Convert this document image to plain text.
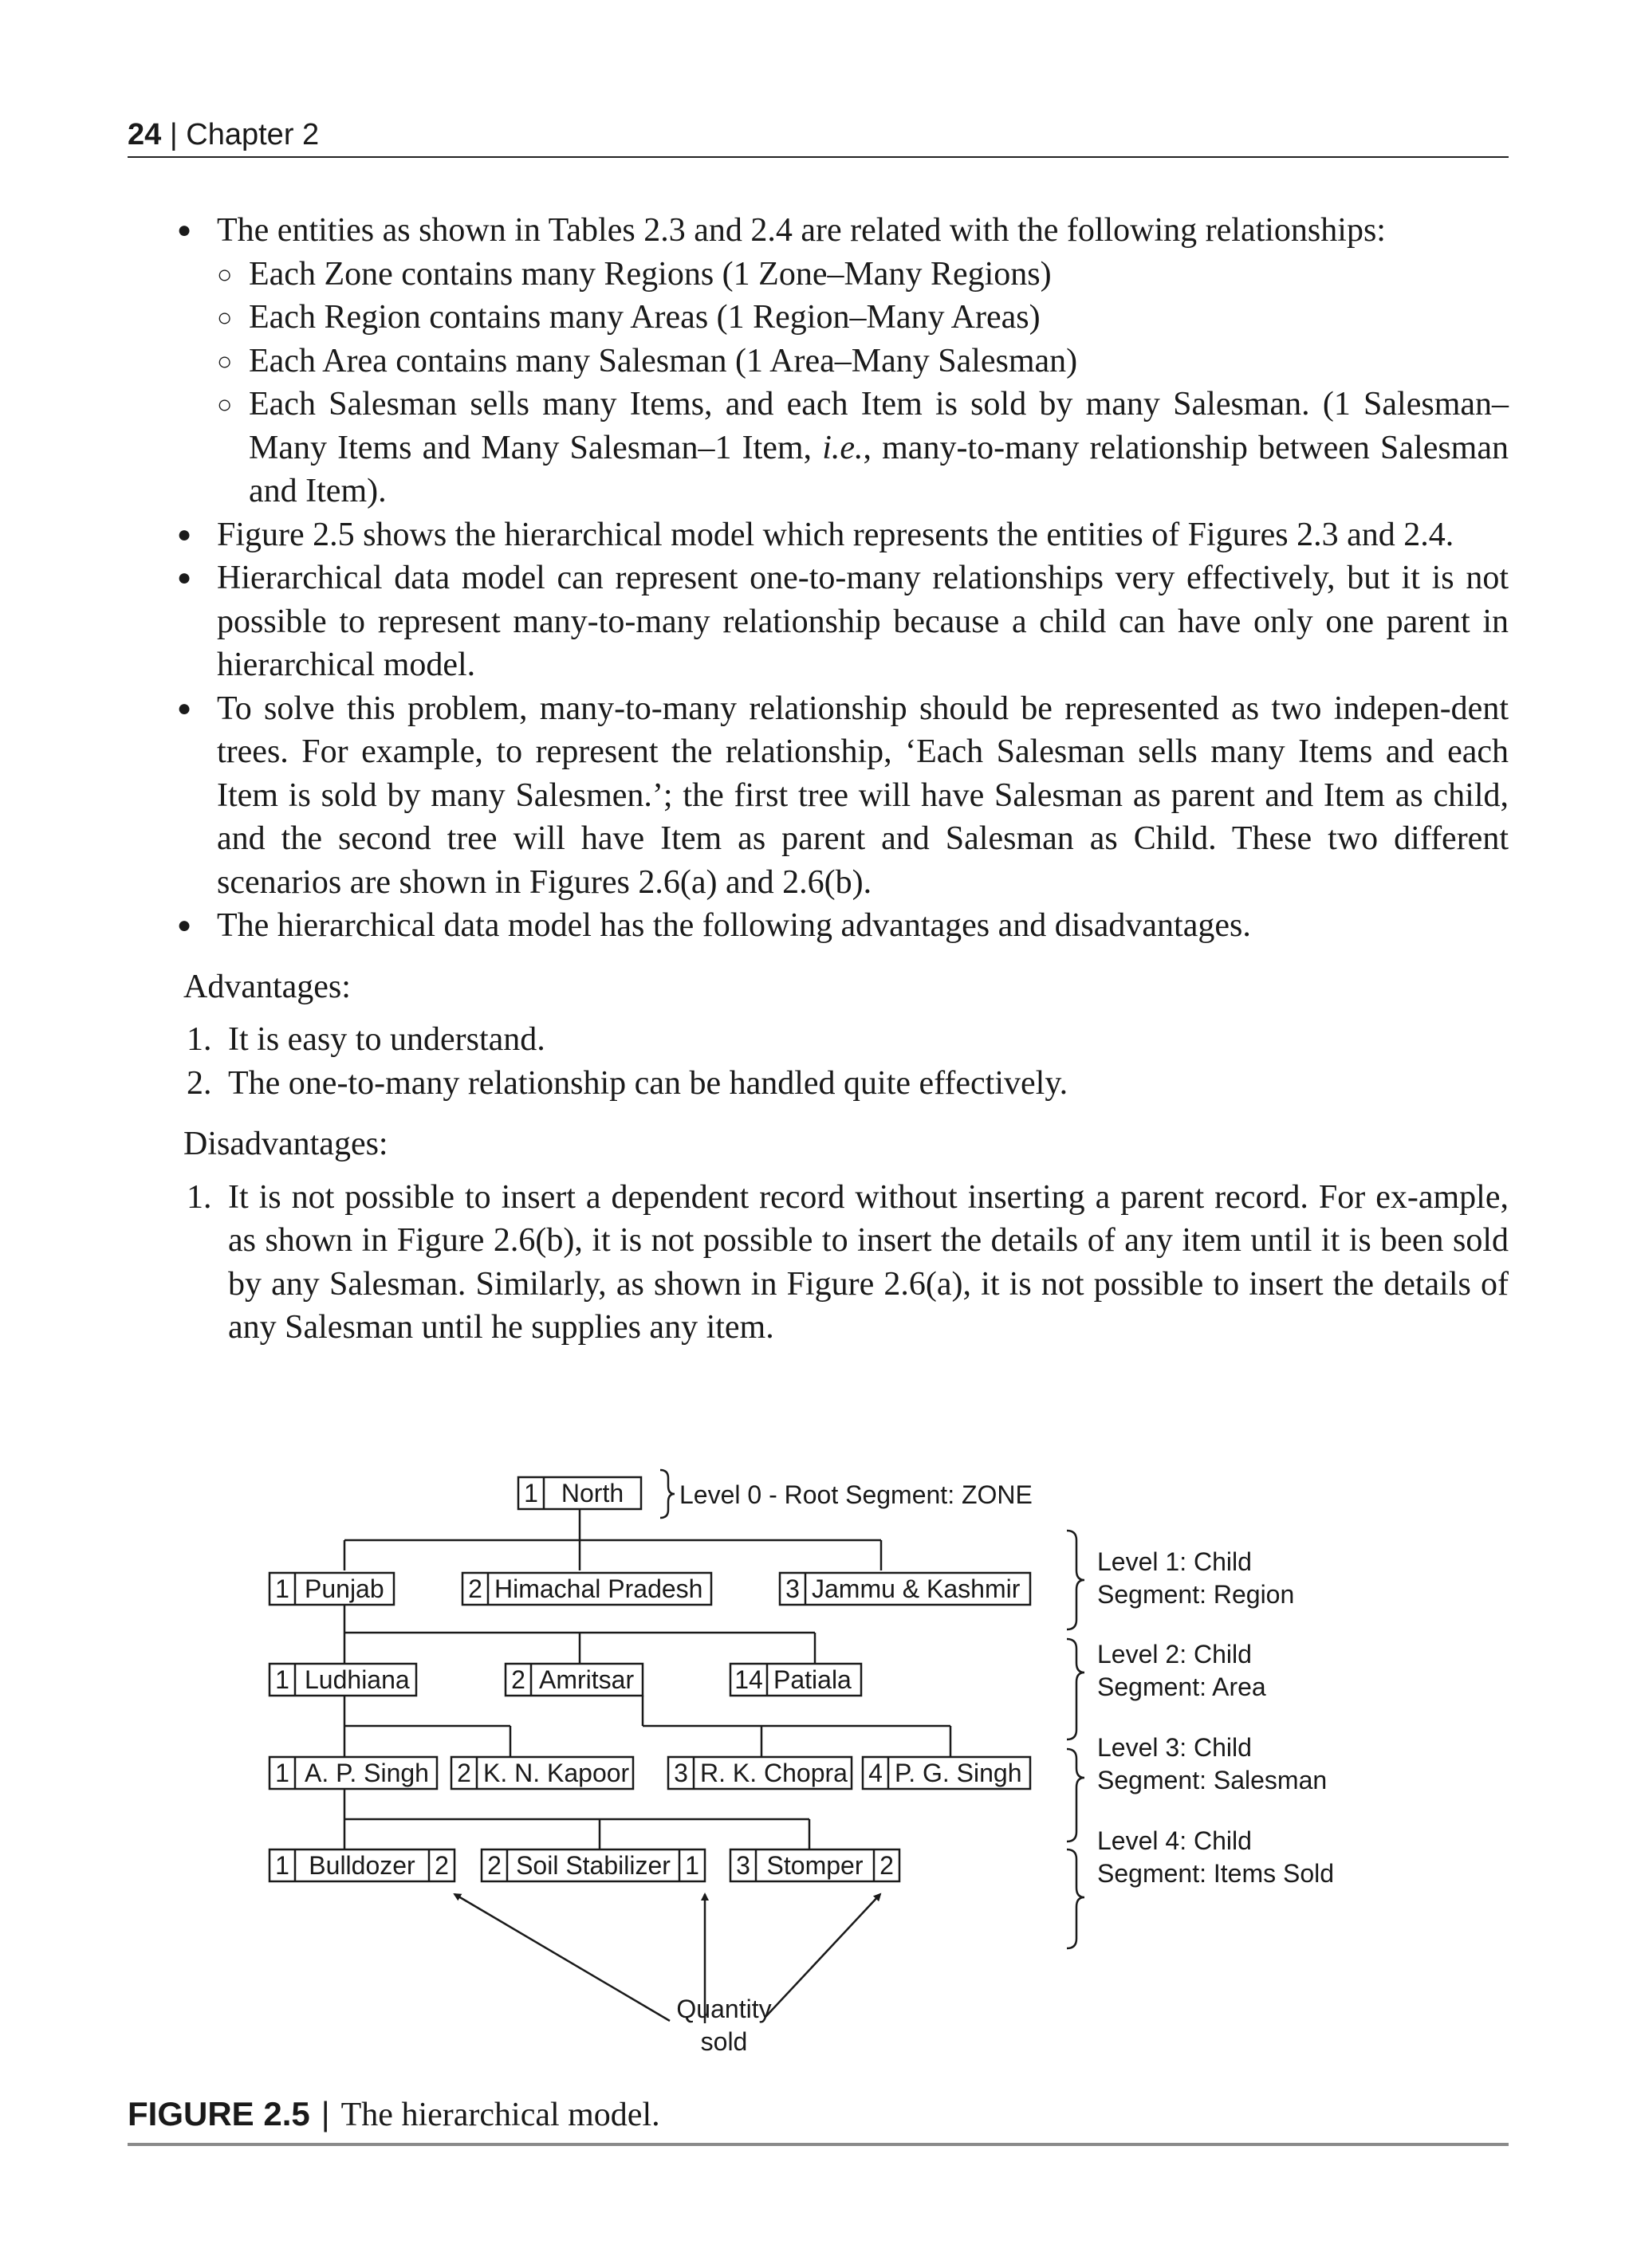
24 | Chapter 2
● The entities as shown in Tables 2.3 and 2.4 are related with the following relationships:
○ Each Zone contains many Regions (1 Zone–Many Regions)
○ Each Region contains many Areas (1 Region–Many Areas)
○ Each Area contains many Salesman (1 Area–Many Salesman)
○ Each Salesman sells many Items, and each Item is sold by many Salesman. (1 Salesman–Many Items and Many Salesman–1 Item, i.e., many-to-many relationship between Salesman and Item).
● Figure 2.5 shows the hierarchical model which represents the entities of Figures 2.3 and 2.4.
● Hierarchical data model can represent one-to-many relationships very effectively, but it is not possible to represent many-to-many relationship because a child can have only one parent in hierarchical model.
● To solve this problem, many-to-many relationship should be represented as two indepen-dent trees. For example, to represent the relationship, ‘Each Salesman sells many Items and each Item is sold by many Salesmen.’; the first tree will have Salesman as parent and Item as child, and the second tree will have Item as parent and Salesman as Child. These two different scenarios are shown in Figures 2.6(a) and 2.6(b).
● The hierarchical data model has the following advantages and disadvantages.
Advantages:
1. It is easy to understand.
2. The one-to-many relationship can be handled quite effectively.
Disadvantages:
1. It is not possible to insert a dependent record without inserting a parent record. For ex-ample, as shown in Figure 2.6(b), it is not possible to insert the details of any item until it is been sold by any Salesman. Similarly, as shown in Figure 2.6(a), it is not possible to insert the details of any Salesman until he supplies any item.
1 North
1 Punjab	2 Himachal Pradesh	3 Jammu & Kashmir
1 Ludhiana	2 Amritsar	14 Patiala
1 A. P. Singh 2 K. N. Kapoor 3 R. K. Chopra 4 P. G. Singh
1 Bulldozer 2 2 Soil Stabilizer 1 3 Stomper 2
Level 0 - Root Segment: ZONE
Level 1: Child
Segment: Region
Level 2: Child
Segment: Area
Level 3: Child
Segment: Salesman
Level 4: Child
Segment: Items Sold
Quantity
sold
FIGURE 2.5 | The hierarchical model.
